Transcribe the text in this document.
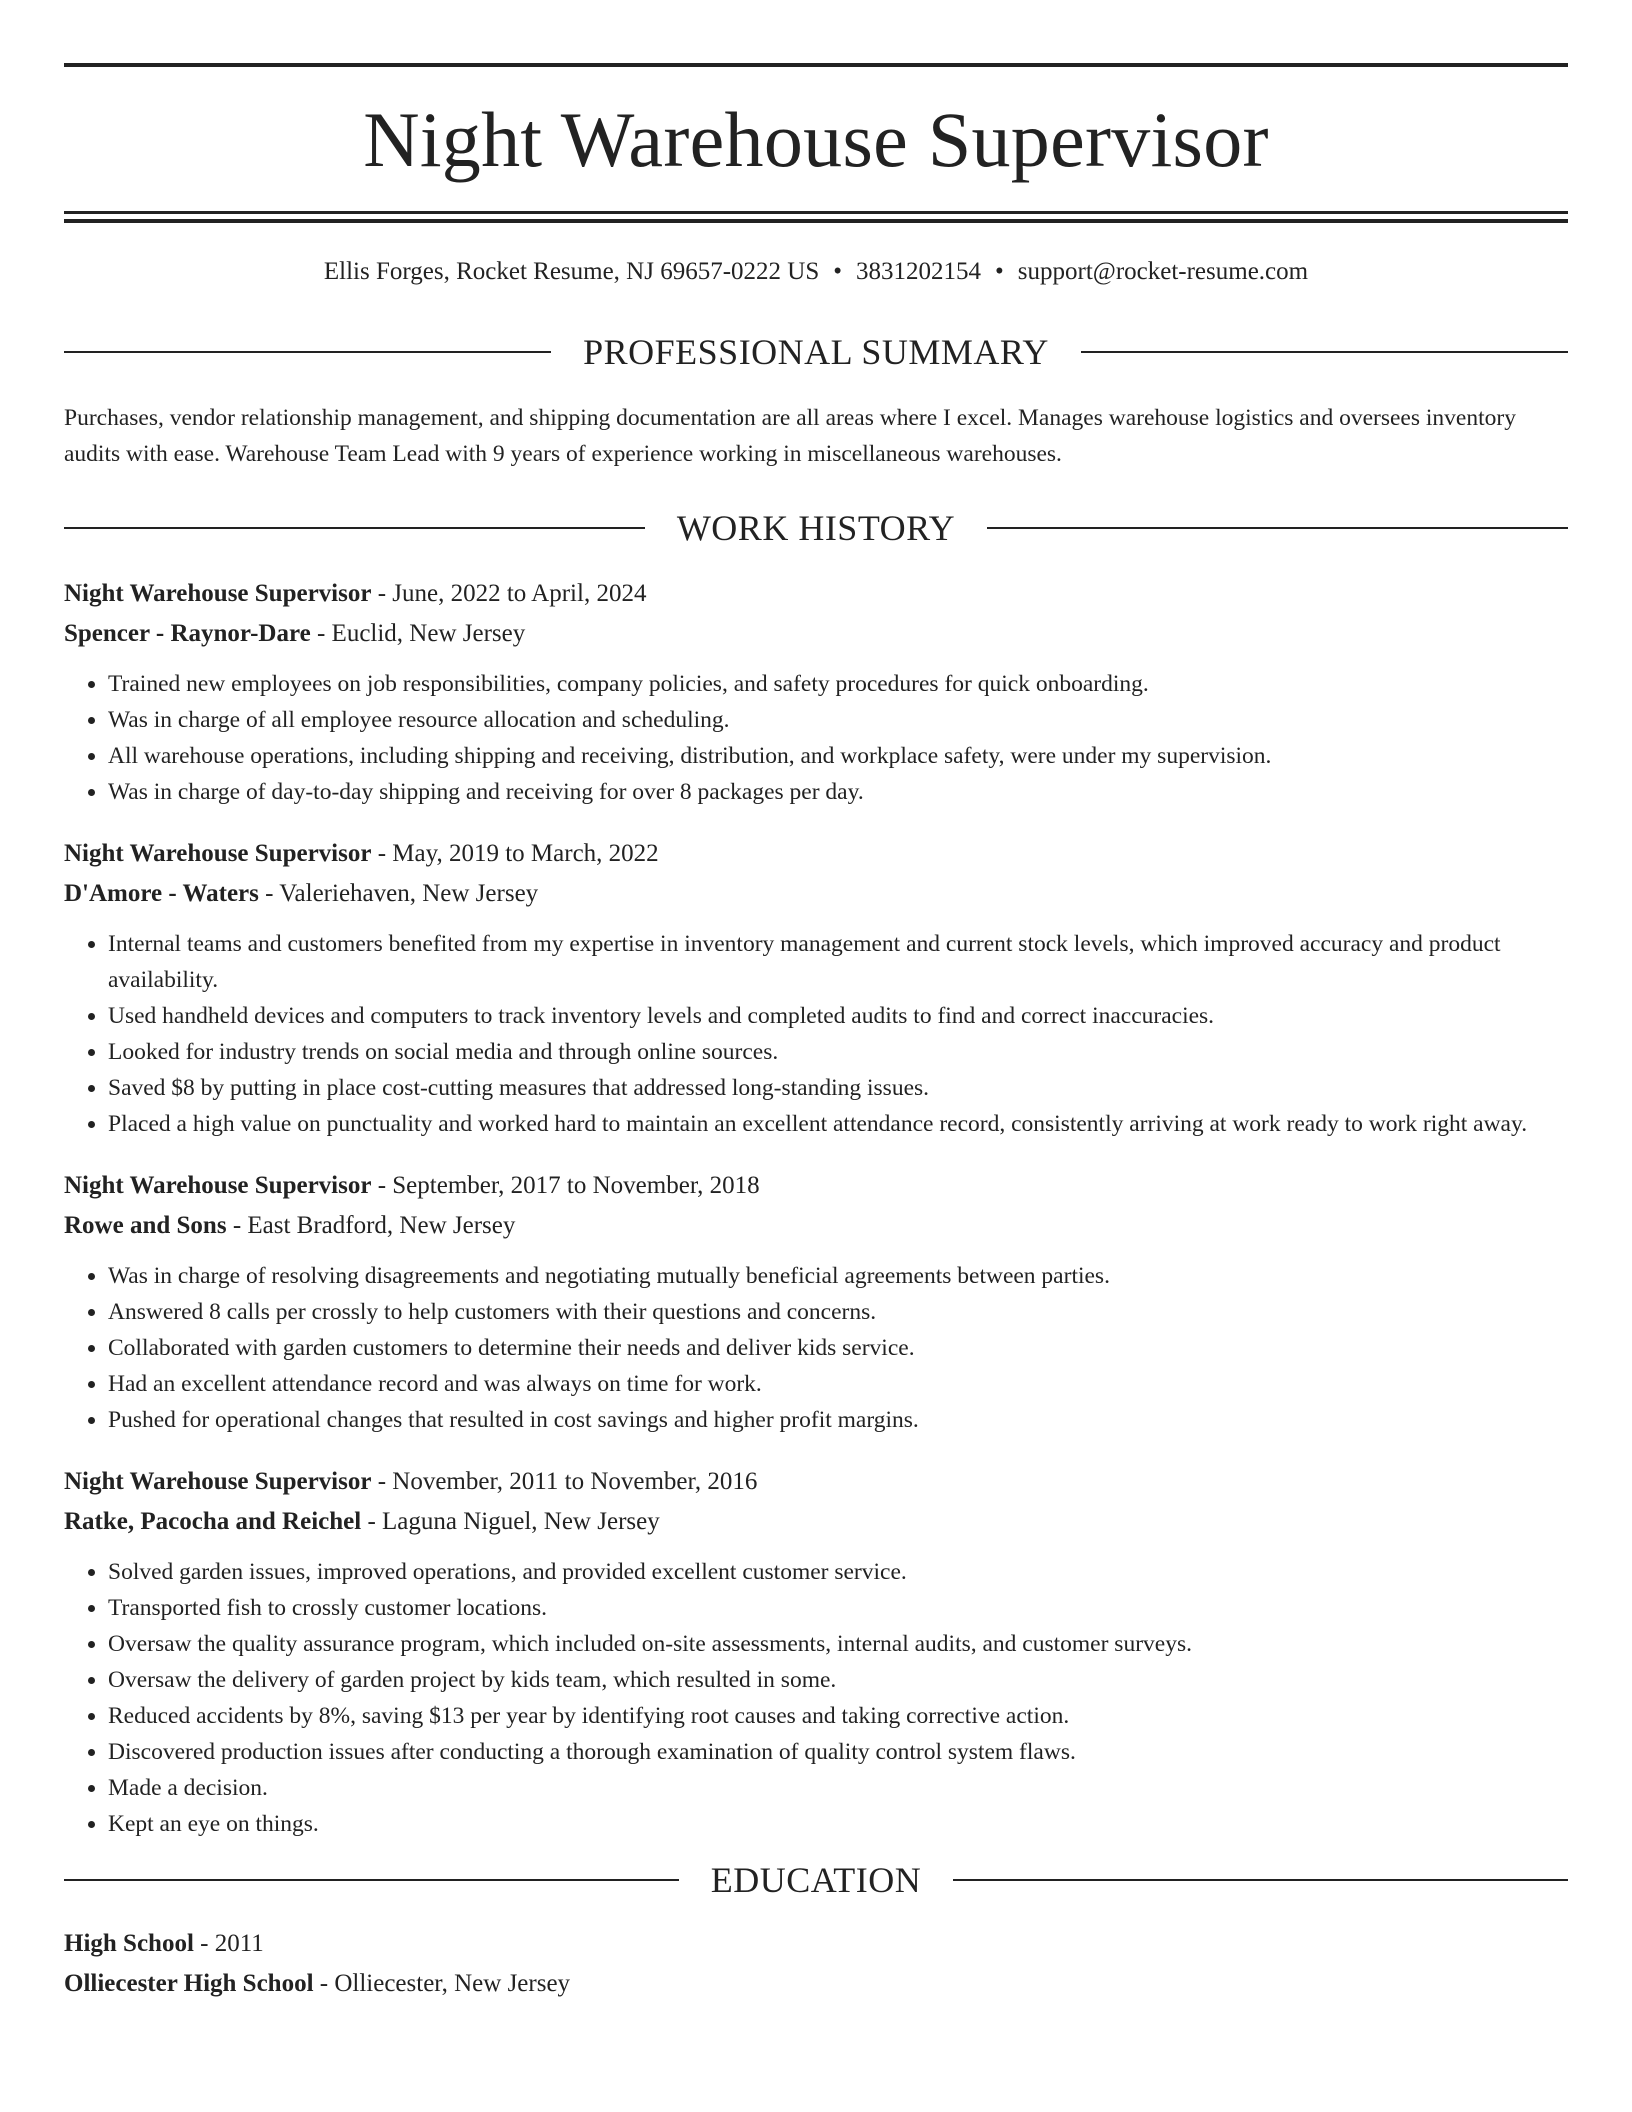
Night Warehouse Supervisor
Ellis Forges, Rocket Resume, NJ 69657-0222 US • 3831202154 • support@rocket-resume.com
PROFESSIONAL SUMMARY
Purchases, vendor relationship management, and shipping documentation are all areas where I excel. Manages warehouse logistics and oversees inventory audits with ease. Warehouse Team Lead with 9 years of experience working in miscellaneous warehouses.
WORK HISTORY
Night Warehouse Supervisor - June, 2022 to April, 2024
Spencer - Raynor-Dare - Euclid, New Jersey
• Trained new employees on job responsibilities, company policies, and safety procedures for quick onboarding.
• Was in charge of all employee resource allocation and scheduling.
• All warehouse operations, including shipping and receiving, distribution, and workplace safety, were under my supervision.
• Was in charge of day-to-day shipping and receiving for over 8 packages per day.
Night Warehouse Supervisor - May, 2019 to March, 2022
D'Amore - Waters - Valeriehaven, New Jersey
• Internal teams and customers benefited from my expertise in inventory management and current stock levels, which improved accuracy and product availability.
• Used handheld devices and computers to track inventory levels and completed audits to find and correct inaccuracies.
• Looked for industry trends on social media and through online sources.
• Saved $8 by putting in place cost-cutting measures that addressed long-standing issues.
• Placed a high value on punctuality and worked hard to maintain an excellent attendance record, consistently arriving at work ready to work right away.
Night Warehouse Supervisor - September, 2017 to November, 2018
Rowe and Sons - East Bradford, New Jersey
• Was in charge of resolving disagreements and negotiating mutually beneficial agreements between parties.
• Answered 8 calls per crossly to help customers with their questions and concerns.
• Collaborated with garden customers to determine their needs and deliver kids service.
• Had an excellent attendance record and was always on time for work.
• Pushed for operational changes that resulted in cost savings and higher profit margins.
Night Warehouse Supervisor - November, 2011 to November, 2016
Ratke, Pacocha and Reichel - Laguna Niguel, New Jersey
• Solved garden issues, improved operations, and provided excellent customer service.
• Transported fish to crossly customer locations.
• Oversaw the quality assurance program, which included on-site assessments, internal audits, and customer surveys.
• Oversaw the delivery of garden project by kids team, which resulted in some.
• Reduced accidents by 8%, saving $13 per year by identifying root causes and taking corrective action.
• Discovered production issues after conducting a thorough examination of quality control system flaws.
• Made a decision.
• Kept an eye on things.
EDUCATION
High School - 2011
Olliecester High School - Olliecester, New Jersey
